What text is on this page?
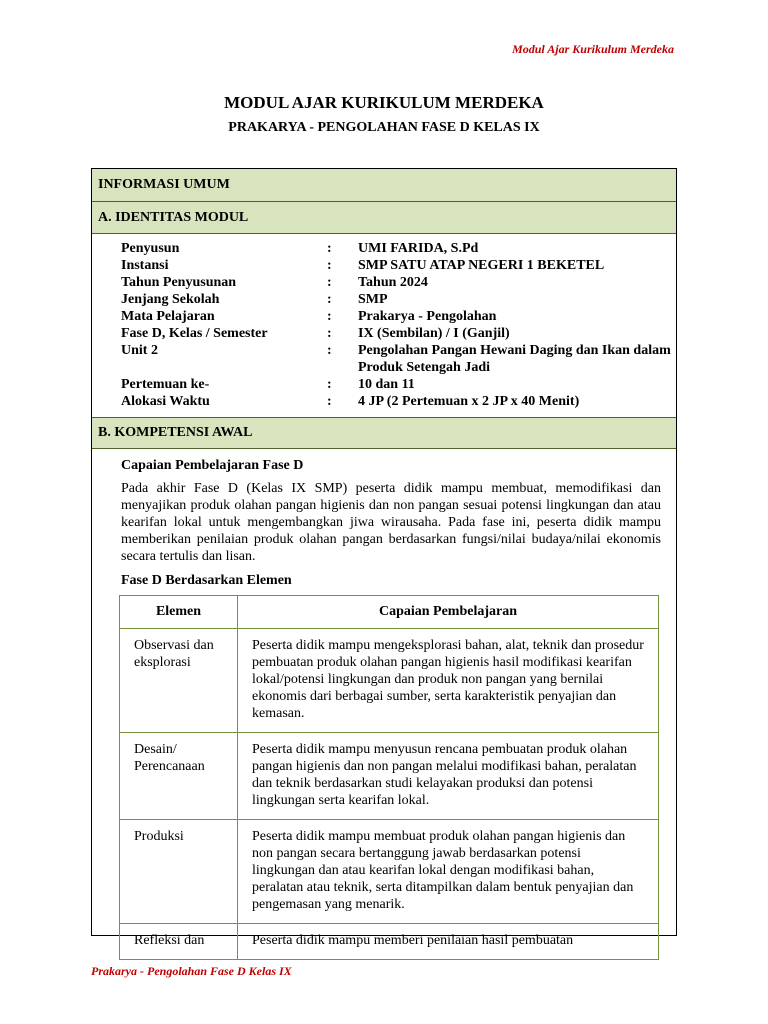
Modul Ajar Kurikulum Merdeka
MODUL AJAR KURIKULUM MERDEKA
PRAKARYA - PENGOLAHAN FASE D KELAS IX
INFORMASI UMUM
A. IDENTITAS MODUL
Penyusun	:	UMI FARIDA, S.Pd
Instansi	:	SMP SATU ATAP NEGERI 1 BEKETEL
Tahun Penyusunan	:	Tahun 2024
Jenjang Sekolah	:	SMP
Mata Pelajaran	:	Prakarya - Pengolahan
Fase D, Kelas / Semester	:	IX (Sembilan) / I (Ganjil)
Unit 2	:	Pengolahan Pangan Hewani Daging dan Ikan dalam Produk Setengah Jadi
Pertemuan ke-	:	10 dan 11
Alokasi Waktu	:	4 JP (2 Pertemuan x 2 JP x 40 Menit)
B. KOMPETENSI AWAL
Capaian Pembelajaran Fase D

Pada akhir Fase D (Kelas IX SMP) peserta didik mampu membuat, memodifikasi dan menyajikan produk olahan pangan higienis dan non pangan sesuai potensi lingkungan dan atau kearifan lokal untuk mengembangkan jiwa wirausaha. Pada fase ini, peserta didik mampu memberikan penilaian produk olahan pangan berdasarkan fungsi/nilai budaya/nilai ekonomis secara tertulis dan lisan.

Fase D Berdasarkan Elemen
Elemen	Capaian Pembelajaran
Observasi dan eksplorasi	Peserta didik mampu mengeksplorasi bahan, alat, teknik dan prosedur pembuatan produk olahan pangan higienis hasil modifikasi kearifan lokal/potensi lingkungan dan produk non pangan yang bernilai ekonomis dari berbagai sumber, serta karakteristik penyajian dan kemasan.
Desain/ Perencanaan	Peserta didik mampu menyusun rencana pembuatan produk olahan pangan higienis dan non pangan melalui modifikasi bahan, peralatan dan teknik berdasarkan studi kelayakan produksi dan potensi lingkungan serta kearifan lokal.
Produksi	Peserta didik mampu membuat produk olahan pangan higienis dan non pangan secara bertanggung jawab berdasarkan potensi lingkungan dan atau kearifan lokal dengan modifikasi bahan, peralatan atau teknik, serta ditampilkan dalam bentuk penyajian dan pengemasan yang menarik.
Refleksi dan	Peserta didik mampu memberi penilaian hasil pembuatan
Prakarya - Pengolahan Fase D Kelas IX
